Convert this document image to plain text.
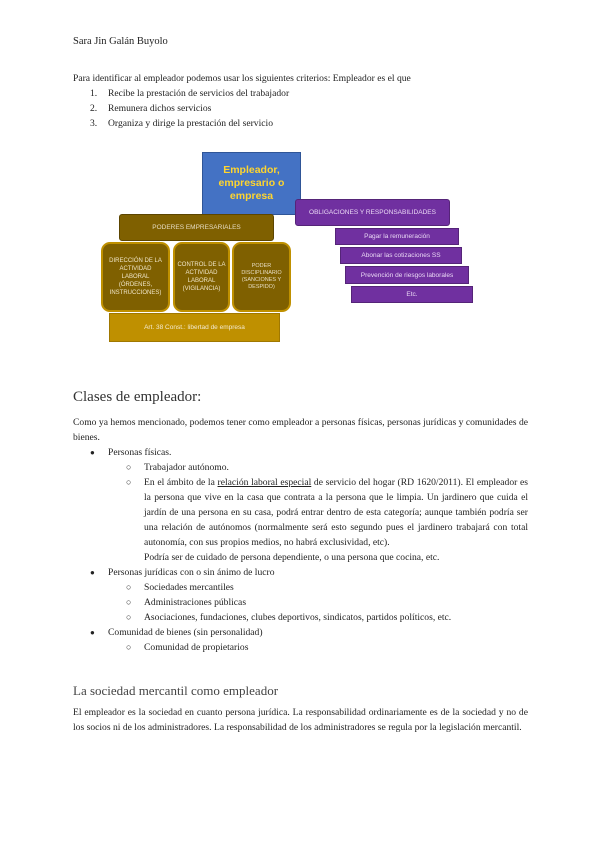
Sara Jin Galán Buyolo
Para identificar al empleador podemos usar los siguientes criterios: Empleador es el que
1. Recibe la prestación de servicios del trabajador
2. Remunera dichos servicios
3. Organiza y dirige la prestación del servicio
Empleador, empresario o empresa
PODERES EMPRESARIALES
DIRECCIÓN DE LA ACTIVIDAD LABORAL (ÓRDENES, INSTRUCCIONES)
CONTROL DE LA ACTIVIDAD LABORAL (VIGILANCIA)
PODER DISCIPLINARIO (SANCIONES Y DESPIDO)
Art. 38 Const.: libertad de empresa
OBLIGACIONES Y RESPONSABILIDADES
Pagar la remuneración
Abonar las cotizaciones SS
Prevención de riesgos laborales
Etc.
Clases de empleador:
Como ya hemos mencionado, podemos tener como empleador a personas físicas, personas jurídicas y comunidades de bienes.
● Personas físicas.
○ Trabajador autónomo.
○ En el ámbito de la relación laboral especial de servicio del hogar (RD 1620/2011). El empleador es la persona que vive en la casa que contrata a la persona que le limpia. Un jardinero que cuida el jardín de una persona en su casa, podrá entrar dentro de esta categoría; aunque también podría ser una relación de autónomos (normalmente será esto segundo pues el jardinero trabajará con total autonomía, con sus propios medios, no habrá exclusividad, etc).
Podría ser de cuidado de persona dependiente, o una persona que cocina, etc.
● Personas jurídicas con o sin ánimo de lucro
○ Sociedades mercantiles
○ Administraciones públicas
○ Asociaciones, fundaciones, clubes deportivos, sindicatos, partidos políticos, etc.
● Comunidad de bienes (sin personalidad)
○ Comunidad de propietarios
La sociedad mercantil como empleador
El empleador es la sociedad en cuanto persona jurídica. La responsabilidad ordinariamente es de la sociedad y no de los socios ni de los administradores. La responsabilidad de los administradores se regula por la legislación mercantil.
